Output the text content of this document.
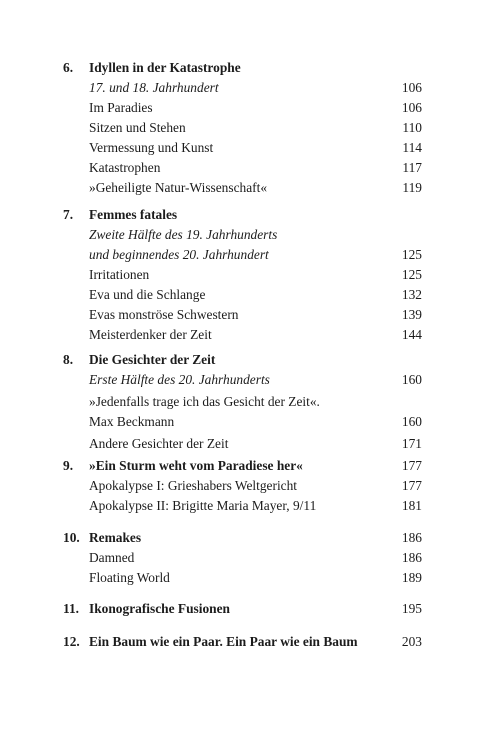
6. Idyllen in der Katastrophe
17. und 18. Jahrhundert	106
Im Paradies	106
Sitzen und Stehen	110
Vermessung und Kunst	114
Katastrophen	117
»Geheiligte Natur-Wissenschaft«	119
7. Femmes fatales
Zweite Hälfte des 19. Jahrhunderts
und beginnendes 20. Jahrhundert	125
Irritationen	125
Eva und die Schlange	132
Evas monströse Schwestern	139
Meisterdenker der Zeit	144
8. Die Gesichter der Zeit
Erste Hälfte des 20. Jahrhunderts	160
»Jedenfalls trage ich das Gesicht der Zeit«.
Max Beckmann	160
Andere Gesichter der Zeit	171
9. »Ein Sturm weht vom Paradiese her«	177
Apokalypse I: Grieshabers Weltgericht	177
Apokalypse II: Brigitte Maria Mayer, 9/11	181
10. Remakes	186
Damned	186
Floating World	189
11. Ikonografische Fusionen	195
12. Ein Baum wie ein Paar. Ein Paar wie ein Baum	203
